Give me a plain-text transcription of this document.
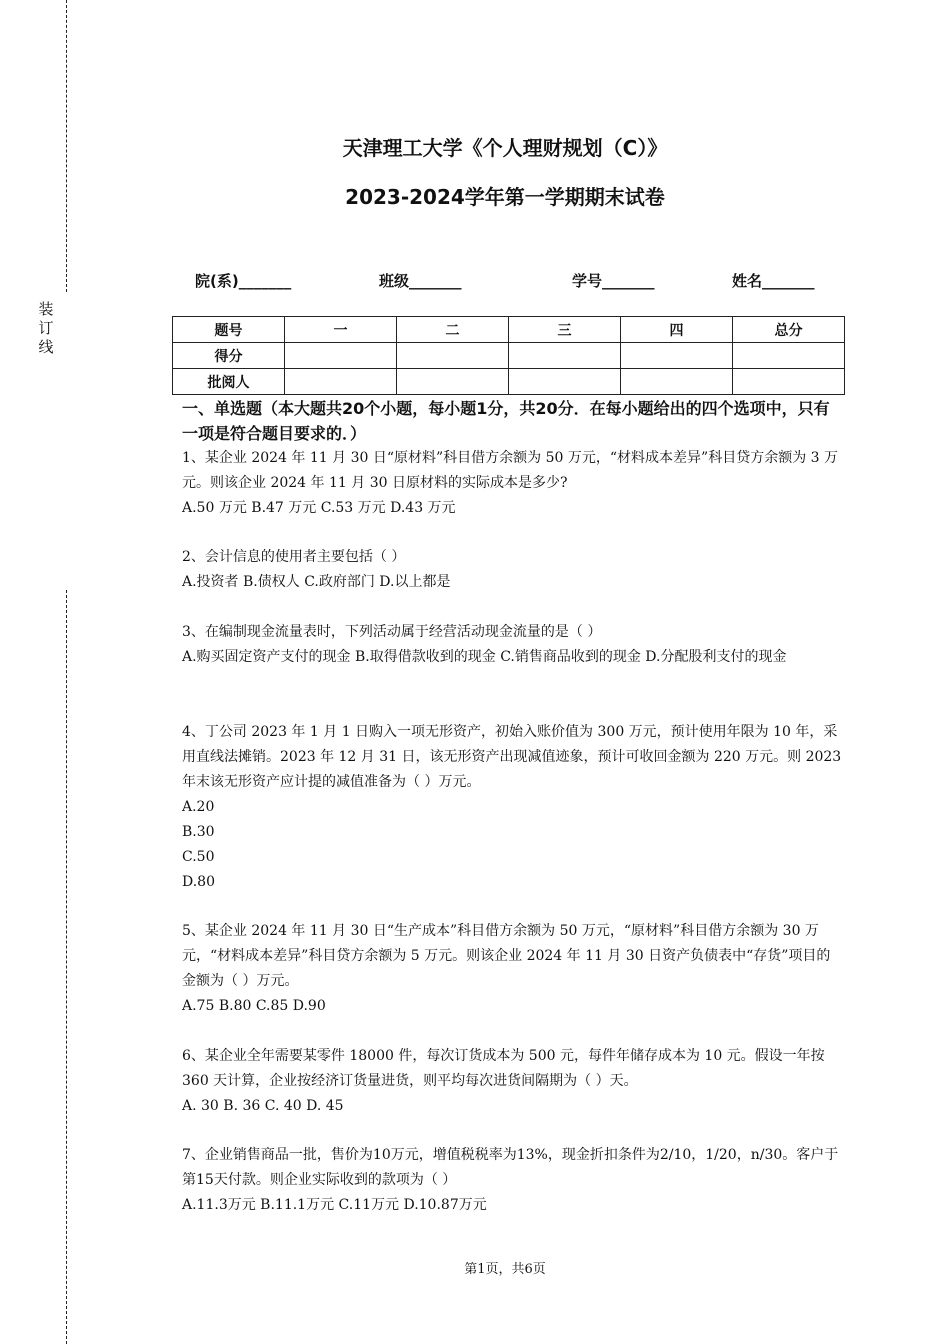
装
订
线
天津理工大学《个人理财规划（C）》
2023-2024学年第一学期期末试卷
院(系)_______	班级_______	学号_______	姓名_______
题号	一	二	三	四	总分
得分					
批阅人					
一、单选题（本大题共20个小题，每小题1分，共20分．在每小题给出的四个选项中，只有一项是符合题目要求的．）
1、某企业 2024 年 11 月 30 日“原材料”科目借方余额为 50 万元，“材料成本差异”科目贷方余额为 3 万元。则该企业 2024 年 11 月 30 日原材料的实际成本是多少?
A.50 万元 B.47 万元 C.53 万元 D.43 万元
2、会计信息的使用者主要包括（ ）
A.投资者 B.债权人 C.政府部门 D.以上都是
3、在编制现金流量表时，下列活动属于经营活动现金流量的是（ ）
A.购买固定资产支付的现金 B.取得借款收到的现金 C.销售商品收到的现金 D.分配股利支付的现金
4、丁公司 2023 年 1 月 1 日购入一项无形资产，初始入账价值为 300 万元，预计使用年限为 10 年，采用直线法摊销。2023 年 12 月 31 日，该无形资产出现减值迹象，预计可收回金额为 220 万元。则 2023 年末该无形资产应计提的减值准备为（ ）万元。
A.20
B.30
C.50
D.80
5、某企业 2024 年 11 月 30 日“生产成本”科目借方余额为 50 万元，“原材料”科目借方余额为 30 万元，“材料成本差异”科目贷方余额为 5 万元。则该企业 2024 年 11 月 30 日资产负债表中“存货”项目的金额为（ ）万元。
A.75 B.80 C.85 D.90
6、某企业全年需要某零件 18000 件，每次订货成本为 500 元，每件年储存成本为 10 元。假设一年按 360 天计算，企业按经济订货量进货，则平均每次进货间隔期为（ ）天。
A. 30 B. 36 C. 40 D. 45
7、企业销售商品一批，售价为10万元，增值税税率为13%，现金折扣条件为2/10，1/20，n/30。客户于第15天付款。则企业实际收到的款项为（ ）
A.11.3万元 B.11.1万元 C.11万元 D.10.87万元
第1页，共6页
